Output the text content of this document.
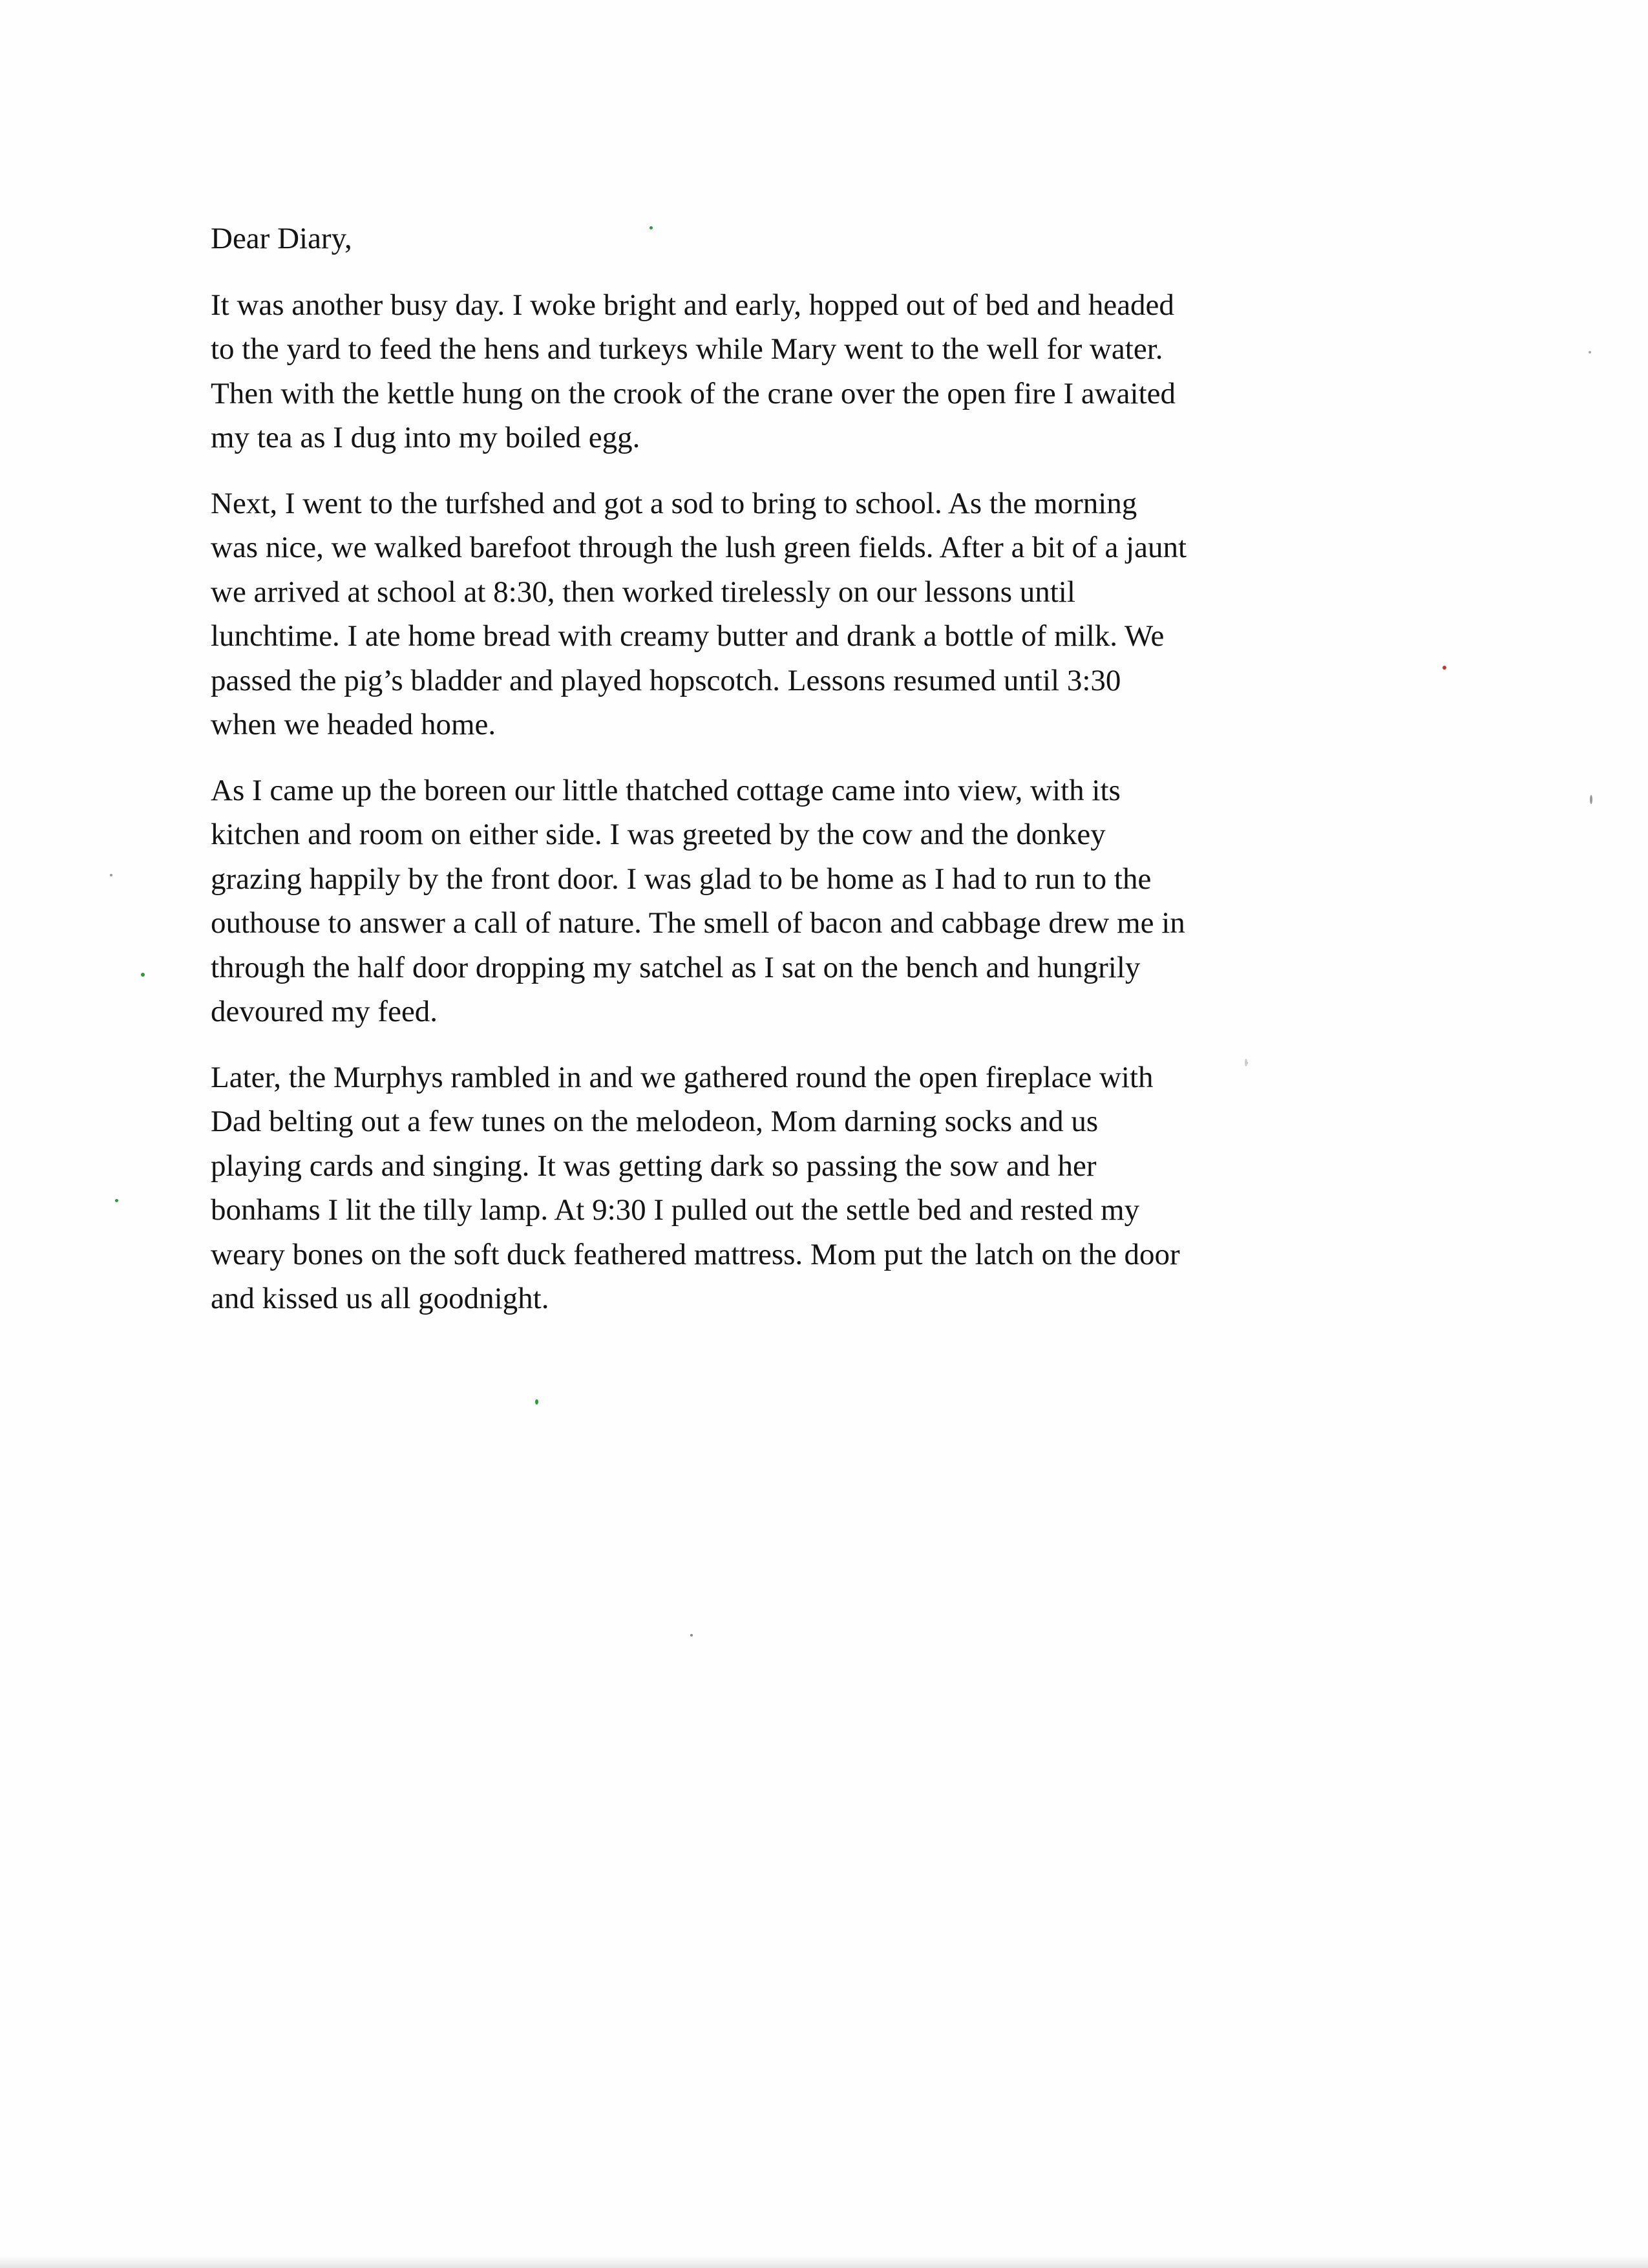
Dear Diary,

It was another busy day. I woke bright and early, hopped out of bed and headed
to the yard to feed the hens and turkeys while Mary went to the well for water.
Then with the kettle hung on the crook of the crane over the open fire I awaited
my tea as I dug into my boiled egg.

Next, I went to the turfshed and got a sod to bring to school. As the morning
was nice, we walked barefoot through the lush green fields. After a bit of a jaunt
we arrived at school at 8:30, then worked tirelessly on our lessons until
lunchtime. I ate home bread with creamy butter and drank a bottle of milk. We
passed the pig’s bladder and played hopscotch. Lessons resumed until 3:30
when we headed home.

As I came up the boreen our little thatched cottage came into view, with its
kitchen and room on either side. I was greeted by the cow and the donkey
grazing happily by the front door. I was glad to be home as I had to run to the
outhouse to answer a call of nature. The smell of bacon and cabbage drew me in
through the half door dropping my satchel as I sat on the bench and hungrily
devoured my feed.

Later, the Murphys rambled in and we gathered round the open fireplace with
Dad belting out a few tunes on the melodeon, Mom darning socks and us
playing cards and singing. It was getting dark so passing the sow and her
bonhams I lit the tilly lamp. At 9:30 I pulled out the settle bed and rested my
weary bones on the soft duck feathered mattress. Mom put the latch on the door
and kissed us all goodnight.
